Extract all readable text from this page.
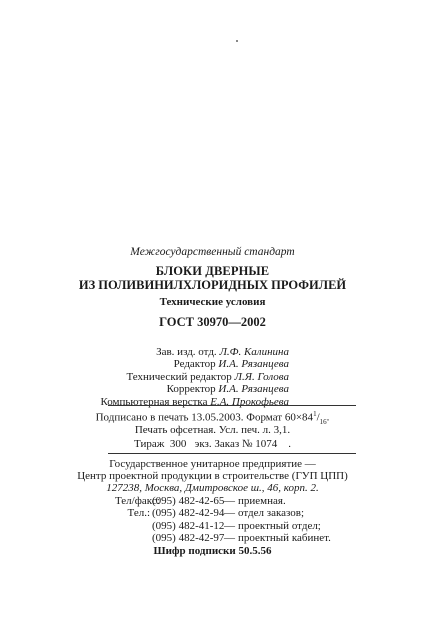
Межгосударственный стандарт
БЛОКИ ДВЕРНЫЕ
ИЗ ПОЛИВИНИЛХЛОРИДНЫХ ПРОФИЛЕЙ
Технические условия
ГОСТ 30970—2002
Зав. изд. отд. Л.Ф. Калинина
Редактор И.А. Рязанцева
Технический редактор Л.Я. Голова
Корректор И.А. Рязанцева
Компьютерная верстка Е.А. Прокофьева
Подписано в печать 13.05.2003. Формат $60\times 84^1/_{16}$.
Печать офсетная. Усл. печ. л. 3,1.
Тираж 300 экз. Заказ № 1074 .
Государственное унитарное предприятие —
Центр проектной продукции в строительстве (ГУП ЦПП)
127238, Москва, Дмитровское ш., 46, корп. 2.
Тел/факс:
(095) 482-42-65 — приемная.
Тел.: (095) 482-42-94 — отдел заказов;
(095) 482-41-12 — проектный отдел;
(095) 482-42-97 — проектный кабинет.
Шифр подписки 50.5.56
